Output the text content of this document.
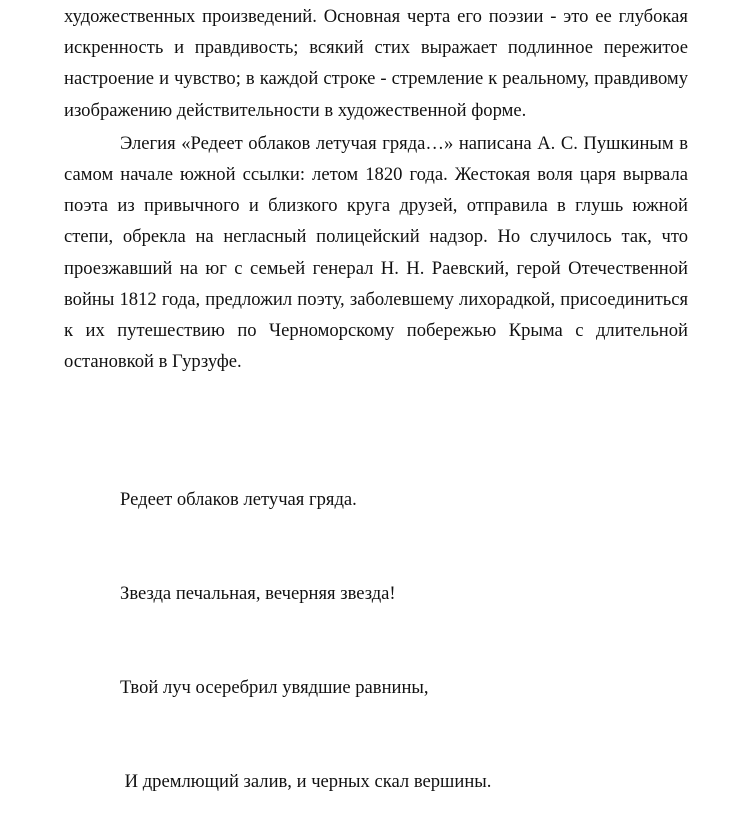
художественных произведений. Основная черта его поэзии - это ее глубокая искренность и правдивость; всякий стих выражает подлинное пережитое настроение и чувство; в каждой строке - стремление к реальному, правдивому изображению действительности в художественной форме.

Элегия «Редеет облаков летучая гряда…» написана А. С. Пушкиным в самом начале южной ссылки: летом 1820 года. Жестокая воля царя вырвала поэта из привычного и близкого круга друзей, отправила в глушь южной степи, обрекла на негласный полицейский надзор. Но случилось так, что проезжавший на юг с семьей генерал Н. Н. Раевский, герой Отечественной войны 1812 года, предложил поэту, заболевшему лихорадкой, присоединиться к их путешествию по Черноморскому побережью Крыма с длительной остановкой в Гурзуфе.

Редеет облаков летучая гряда.

Звезда печальная, вечерняя звезда!

Твой луч осеребрил увядшие равнины,

И дремлющий залив, и черных скал вершины.
